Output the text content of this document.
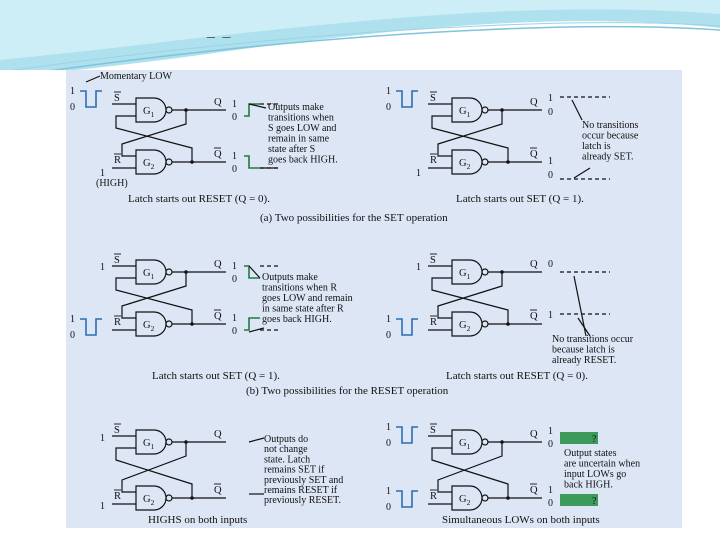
_ _
$G_1$
$G_2$
S
R
Q
Q
1
0
Momentary LOW
1
(HIGH)
1
0
1
0
Outputs make
transitions when
S goes LOW and
remain in same
state after S
goes back HIGH.
Latch starts out RESET (Q = 0).
$G_1$
$G_2$
S
R
Q
Q
1
0
1
1
0
1
0
No transitions
occur because
latch is
already SET.
Latch starts out SET (Q = 1).
(a) Two possibilities for the SET operation
$G_1$
$G_2$
S
R
Q
Q
1
1
0
1
0
1
0
Outputs make
transitions when R
goes LOW and remain
in same state after R
goes back HIGH.
Latch starts out SET (Q = 1).
$G_1$
$G_2$
S
R
Q
Q
1
1
0
0
1
No transitions occur
because latch is
already RESET.
Latch starts out RESET (Q = 0).
(b) Two possibilities for the RESET operation
$G_1$
$G_2$
S
R
Q
Q
1
1
Outputs do
not change
state. Latch
remains SET if
previously SET and
remains RESET if
previously RESET.
HIGHS on both inputs
$G_1$
$G_2$
S
R
Q
Q
1
0
1
0
1
0
1
0
?
?
Output states
are uncertain when
input LOWs go
back HIGH.
Simultaneous LOWs on both inputs
